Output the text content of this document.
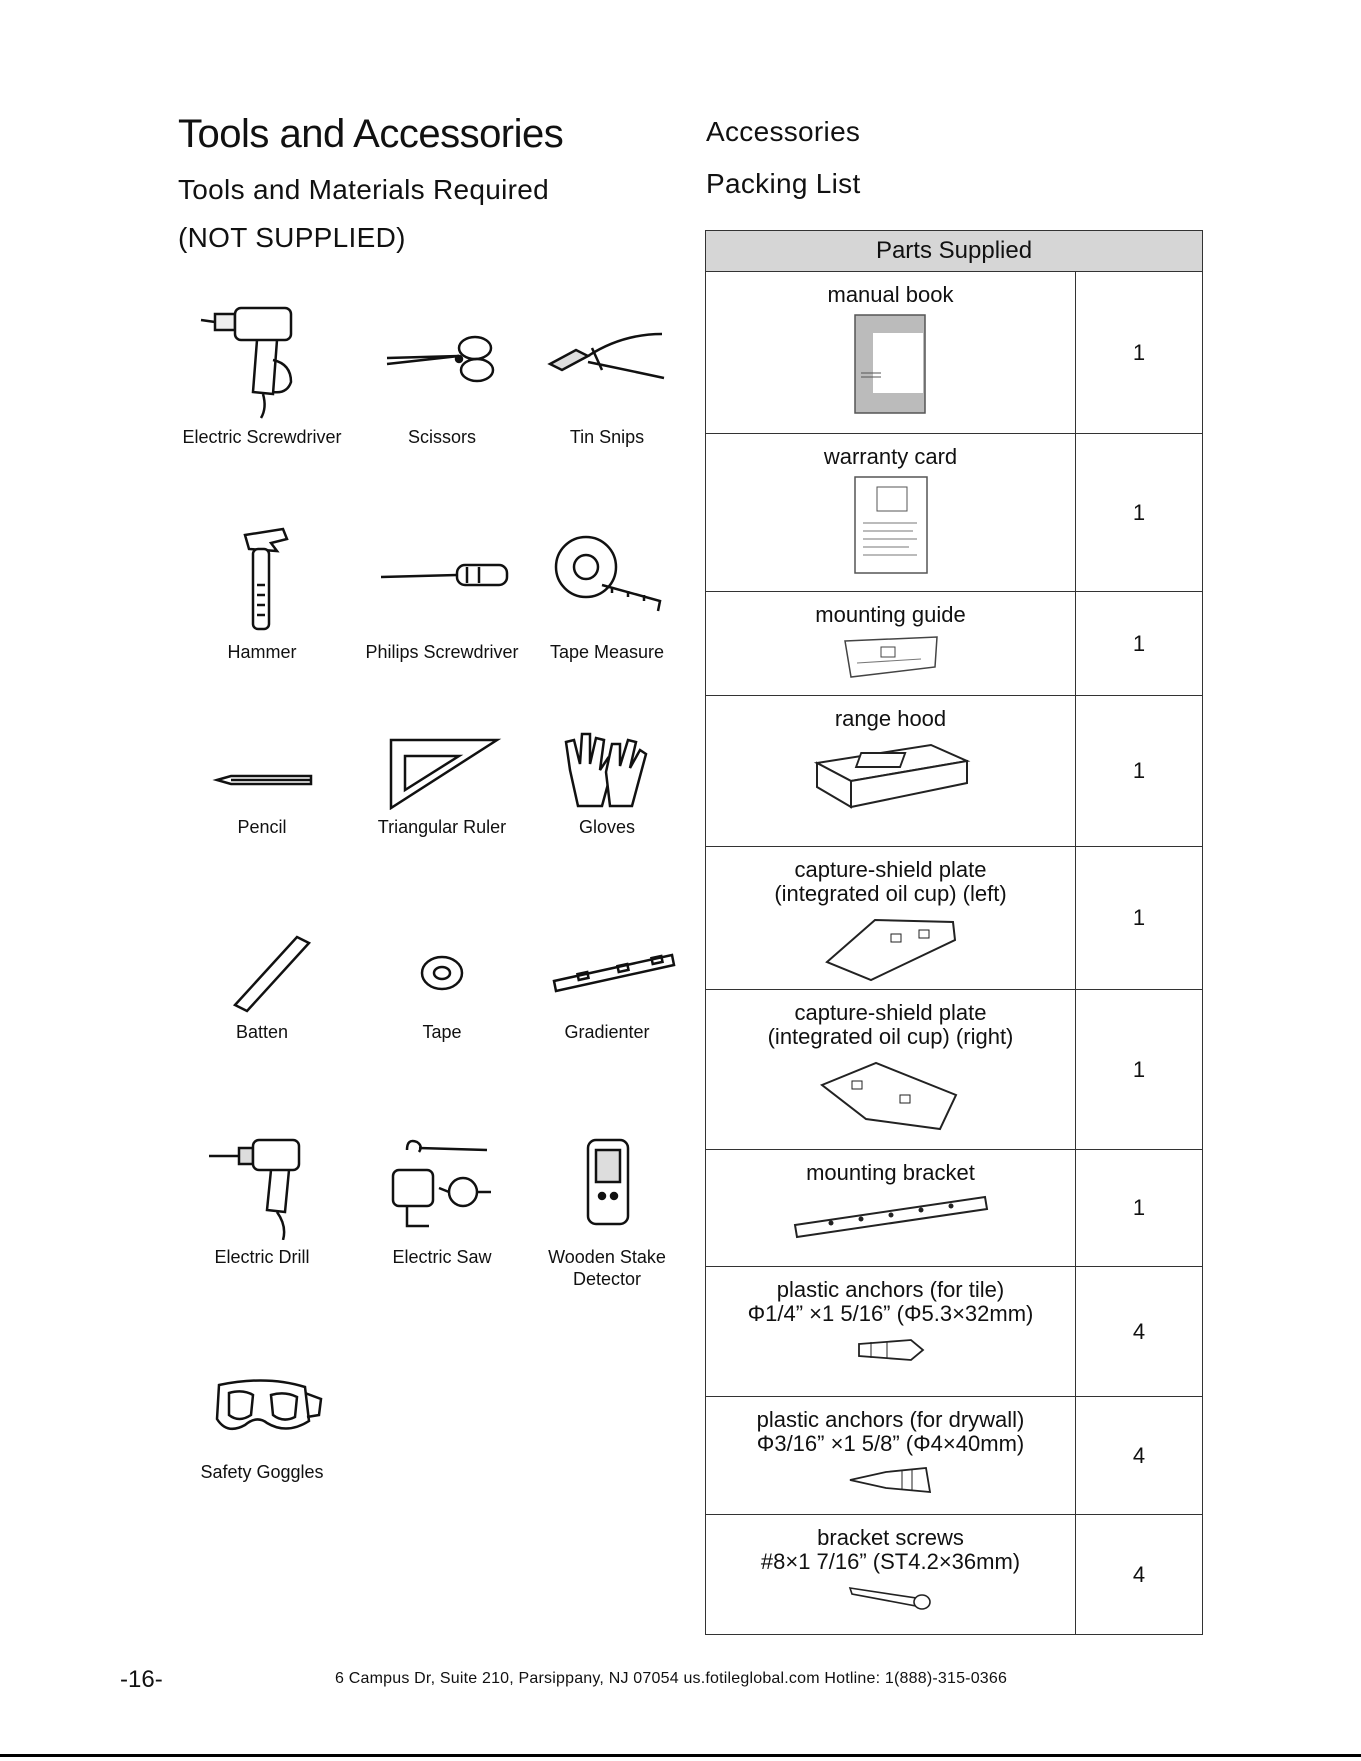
Tools and Accessories
Tools and Materials Required
(NOT SUPPLIED)
Accessories
Packing List
Electric Screwdriver	Scissors	Tin Snips
Hammer	Philips Screwdriver	Tape Measure
Pencil	Triangular Ruler	Gloves
Batten	Tape	Gradienter
Electric Drill	Electric Saw	Wooden Stake Detector
Safety Goggles
Parts Supplied	

manual book	1

warranty card	1

mounting guide	1

range hood	1

capture-shield plate
(integrated oil cup) (left)	1

capture-shield plate
(integrated oil cup) (right)	1

mounting bracket	1

plastic anchors (for tile)
Φ1/4” ×1 5/16” (Φ5.3×32mm)	4

plastic anchors (for drywall)
Φ3/16” ×1 5/8” (Φ4×40mm)	4

bracket screws
#8×1 7/16” (ST4.2×36mm)	4
-16-	6 Campus Dr, Suite 210, Parsippany, NJ 07054 us.fotileglobal.com Hotline: 1(888)-315-0366
